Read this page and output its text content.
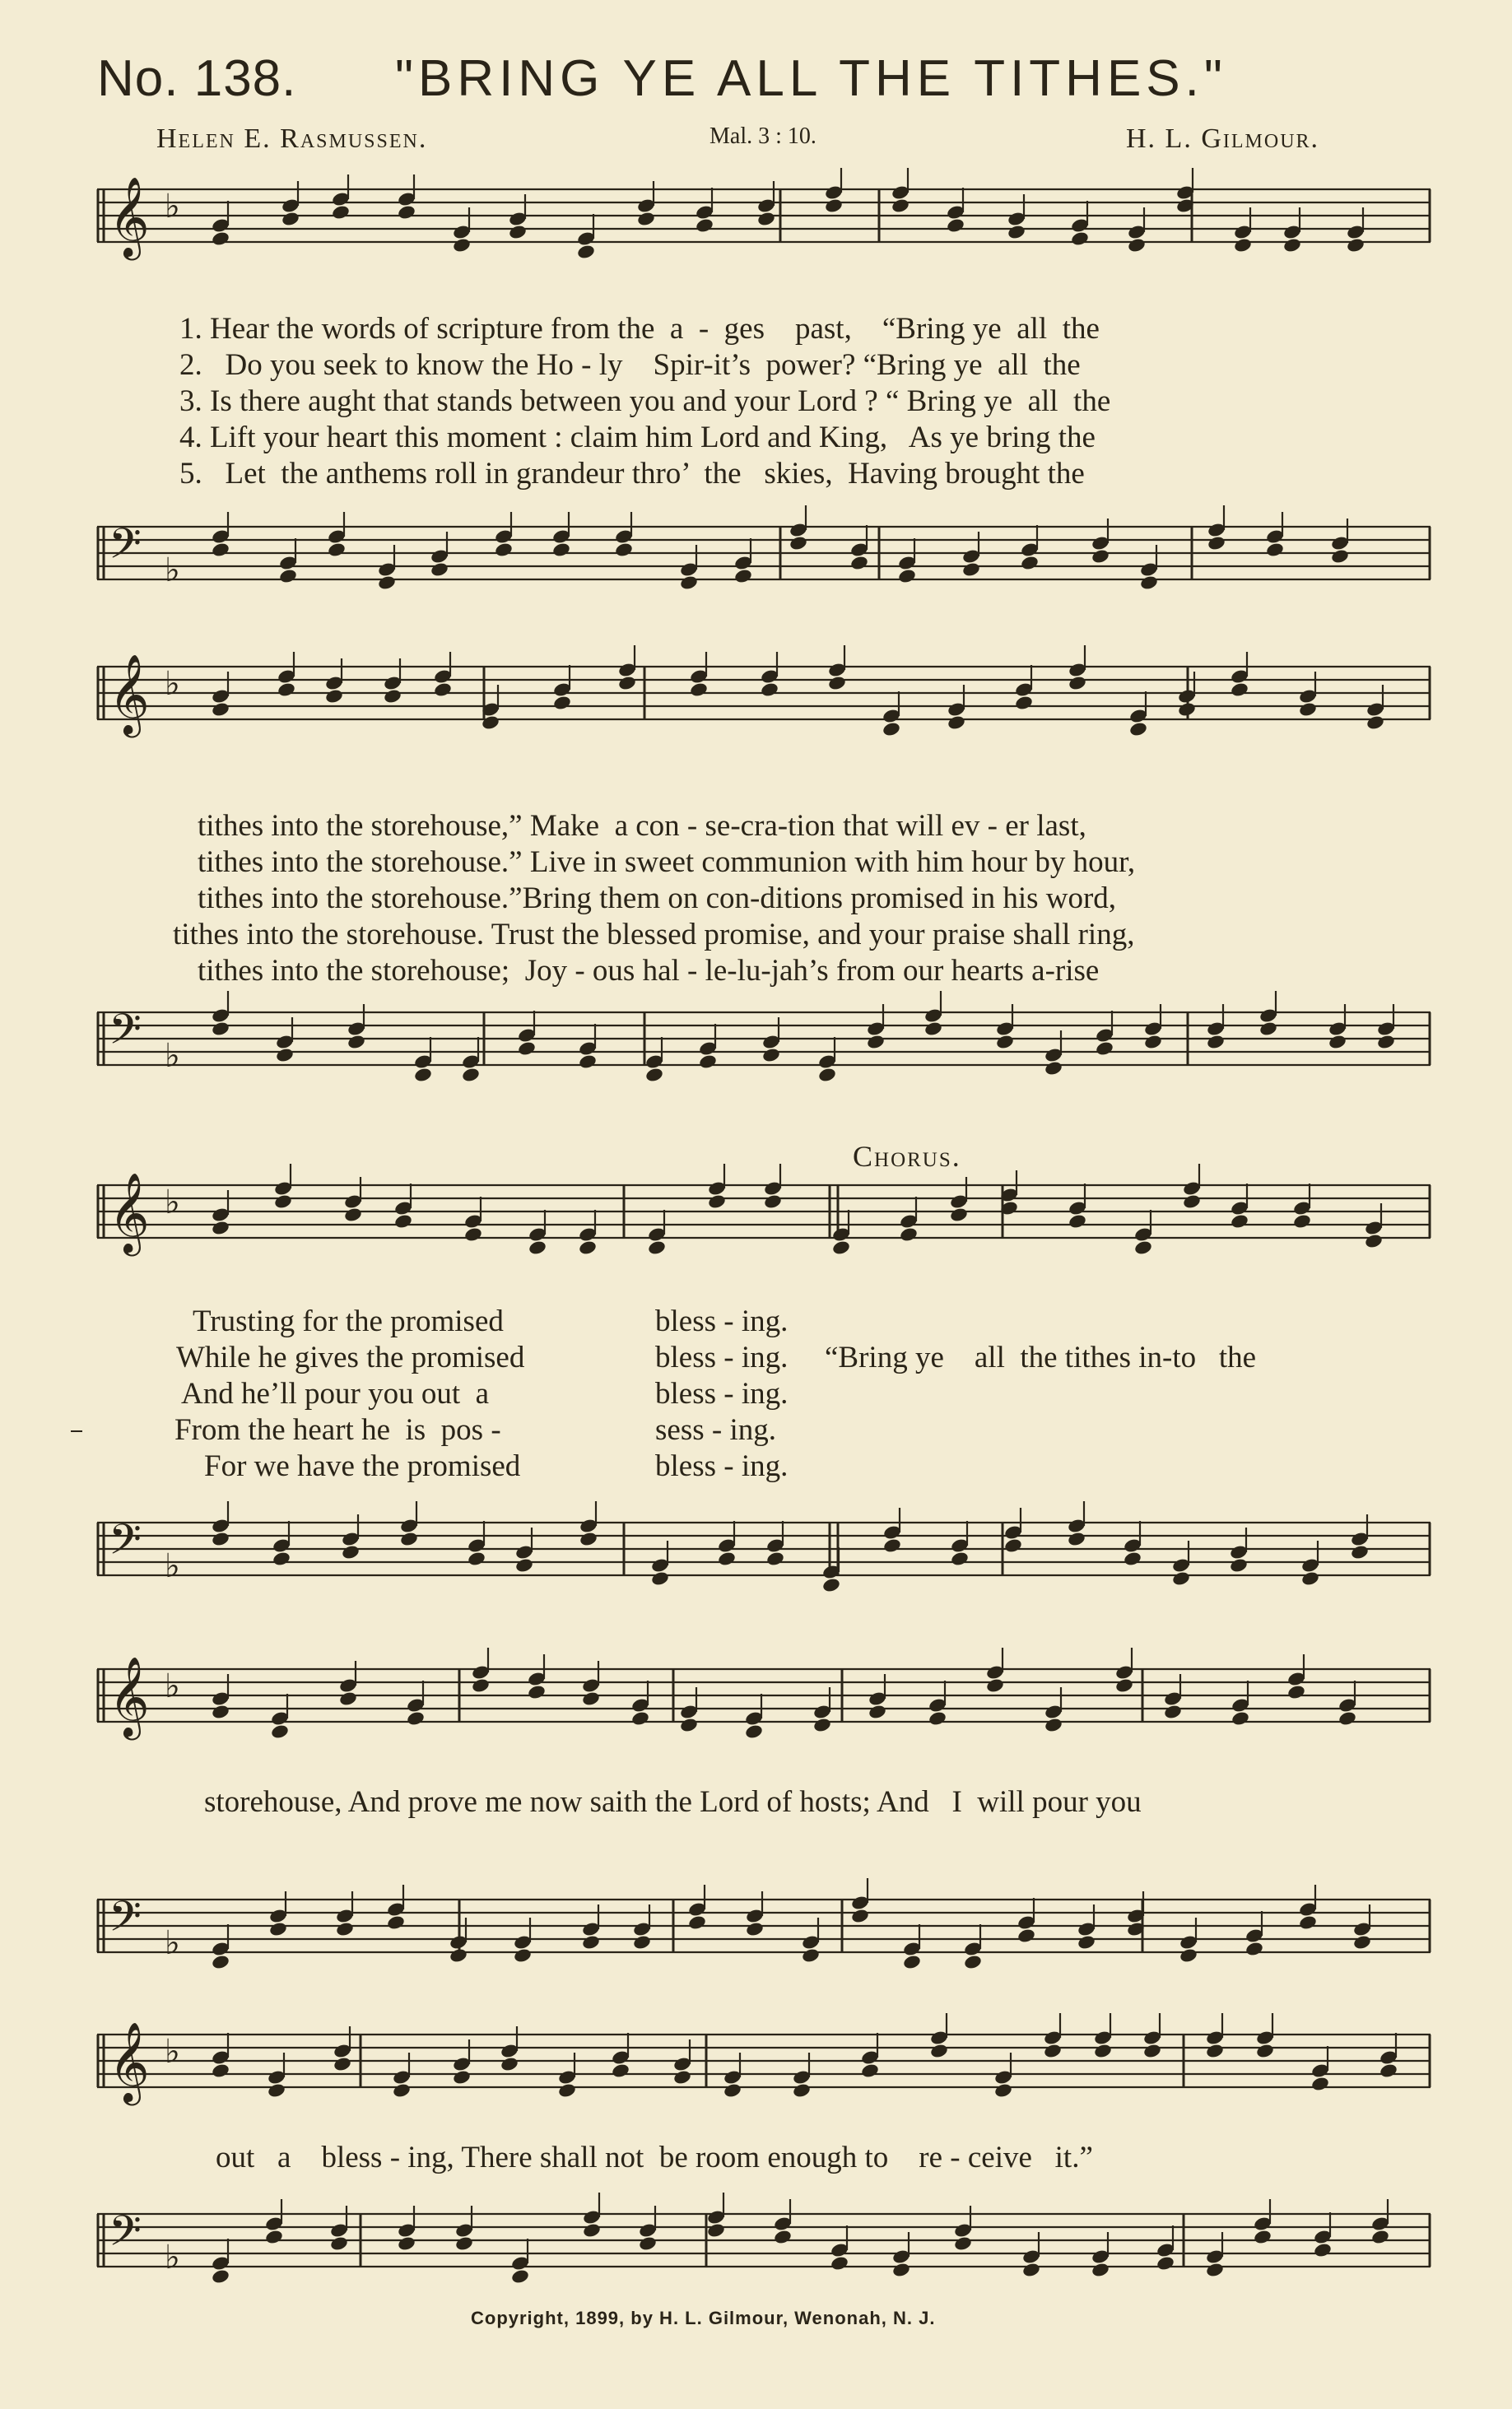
No. 138. "BRING YE ALL THE TITHES."
Helen E. Rasmussen.	Mal. 3 : 10.	H. L. Gilmour.
𝄞 ♭
𝄢 ♭
𝄞 ♭
𝄢 ♭
𝄞 ♭
𝄢 ♭
𝄞 ♭
𝄢 ♭
𝄞 ♭
𝄢 ♭
1. Hear the words of scripture from the  a  -  ges    past,    “Bring ye  all  the
2.   Do you seek to know the Ho - ly    Spir-it’s  power? “Bring ye  all  the
3. Is there aught that stands between you and your Lord ? “ Bring ye  all  the
4. Lift your heart this moment : claim him Lord and King,   As ye bring the
5.   Let  the anthems roll in grandeur thro’  the   skies,  Having brought the
tithes into the storehouse,” Make  a con - se-cra-tion that will ev - er last,
tithes into the storehouse.” Live in sweet communion with him hour by hour,
tithes into the storehouse.”Bring them on con-ditions promised in his word,
tithes into the storehouse. Trust the blessed promise, and your praise shall ring,
tithes into the storehouse;  Joy - ous hal - le-lu-jah’s from our hearts a-rise
Chorus.
Trusting for the promised
While he gives the promised
And he’ll pour you out  a
From the heart he  is  pos -
For we have the promised
bless - ing.
bless - ing.
bless - ing.
sess - ing.
bless - ing.
“Bring ye    all  the tithes in-to   the
storehouse, And prove me now saith the Lord of hosts; And   I  will pour you
out   a    bless - ing, There shall not  be room enough to    re - ceive   it.”
Copyright, 1899, by H. L. Gilmour, Wenonah, N. J.
